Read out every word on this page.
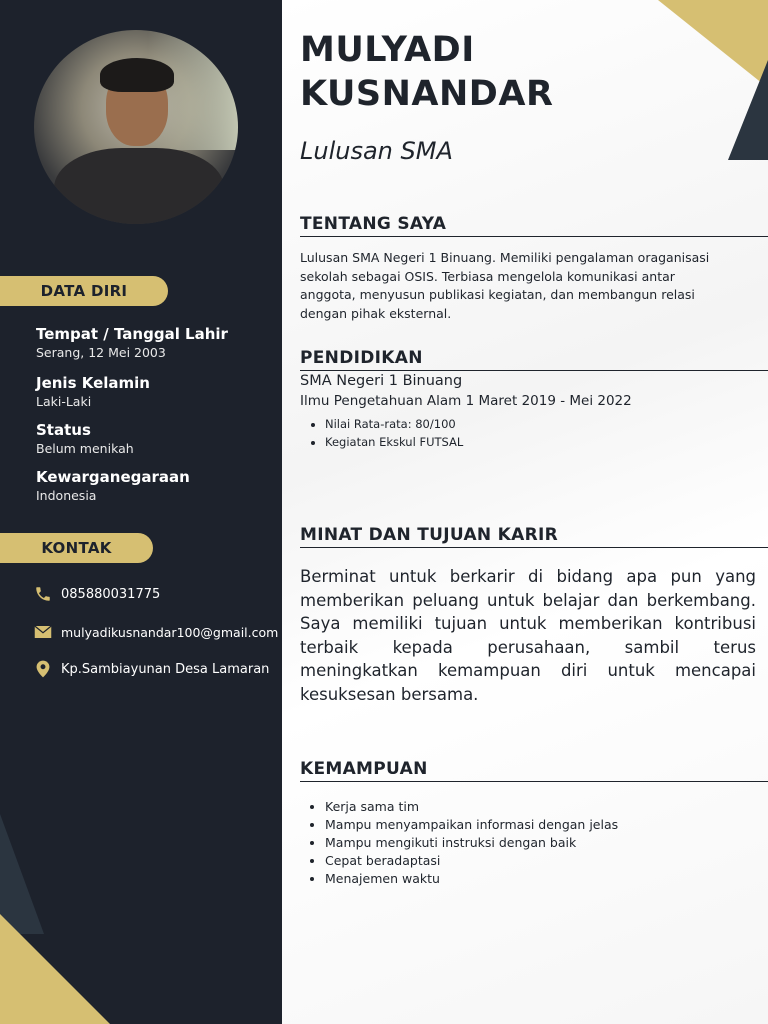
DATA DIRI
Tempat / Tanggal Lahir
Serang, 12 Mei 2003
Jenis Kelamin
Laki-Laki
Status
Belum menikah
Kewarganegaraan
Indonesia
KONTAK
085880031775
mulyadikusnandar100@gmail.com
Kp.Sambiayunan Desa Lamaran
MULYADI
KUSNANDAR
Lulusan SMA
TENTANG SAYA
Lulusan SMA Negeri 1 Binuang. Memiliki pengalaman oraganisasi
sekolah sebagai OSIS. Terbiasa mengelola komunikasi antar
anggota, menyusun publikasi kegiatan, dan membangun relasi
dengan pihak eksternal.
PENDIDIKAN
SMA Negeri 1 Binuang
Ilmu Pengetahuan Alam 1 Maret 2019 - Mei 2022
• Nilai Rata-rata: 80/100
• Kegiatan Ekskul FUTSAL
MINAT DAN TUJUAN KARIR
Berminat untuk berkarir di bidang apa pun yang memberikan peluang untuk belajar dan berkembang. Saya memiliki tujuan untuk memberikan kontribusi terbaik kepada perusahaan, sambil terus meningkatkan kemampuan diri untuk mencapai kesuksesan bersama.
KEMAMPUAN
• Kerja sama tim
• Mampu menyampaikan informasi dengan jelas
• Mampu mengikuti instruksi dengan baik
• Cepat beradaptasi
• Menajemen waktu
